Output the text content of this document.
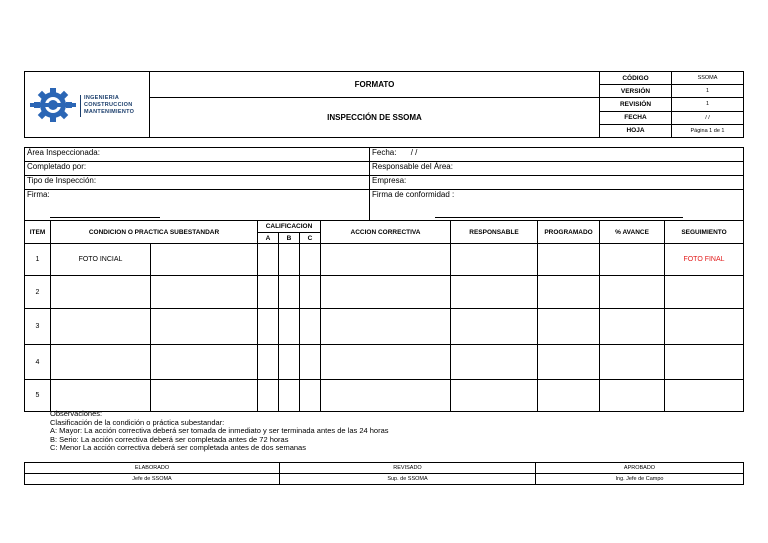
	FORMATO	CÓDIGO	SSOMA
		VERSIÓN	1
	INSPECCIÓN DE SSOMA	REVISIÓN	1
		FECHA	/ /
		HOJA	Página 1 de 1
INGENIERIA
CONSTRUCCION
MANTENIMIENTO
Área Inspeccionada:	Fecha: / /
Completado por:	Responsable del Área:
Tipo de Inspección:	Empresa:
Firma:	Firma de conformidad :
ITEM	CONDICION O PRACTICA SUBESTANDAR		CALIFICACION			ACCION CORRECTIVA	RESPONSABLE	PROGRAMADO	% AVANCE	SEGUIMIENTO
			A	B	C					
1	FOTO INCIAL									FOTO FINAL
2										
3										
4										
5										
Observaciones:
Clasificación de la condición o práctica subestandar:
A: Mayor: La acción correctiva deberá ser tomada de inmediato y ser terminada antes de las 24 horas
B: Serio: La acción correctiva deberá ser completada antes de 72 horas
C: Menor La acción correctiva deberá ser completada antes de dos semanas
ELABORADO	REVISADO	APROBADO
Jefe de SSOMA	Sup. de SSOMA	Ing. Jefe de Campo
